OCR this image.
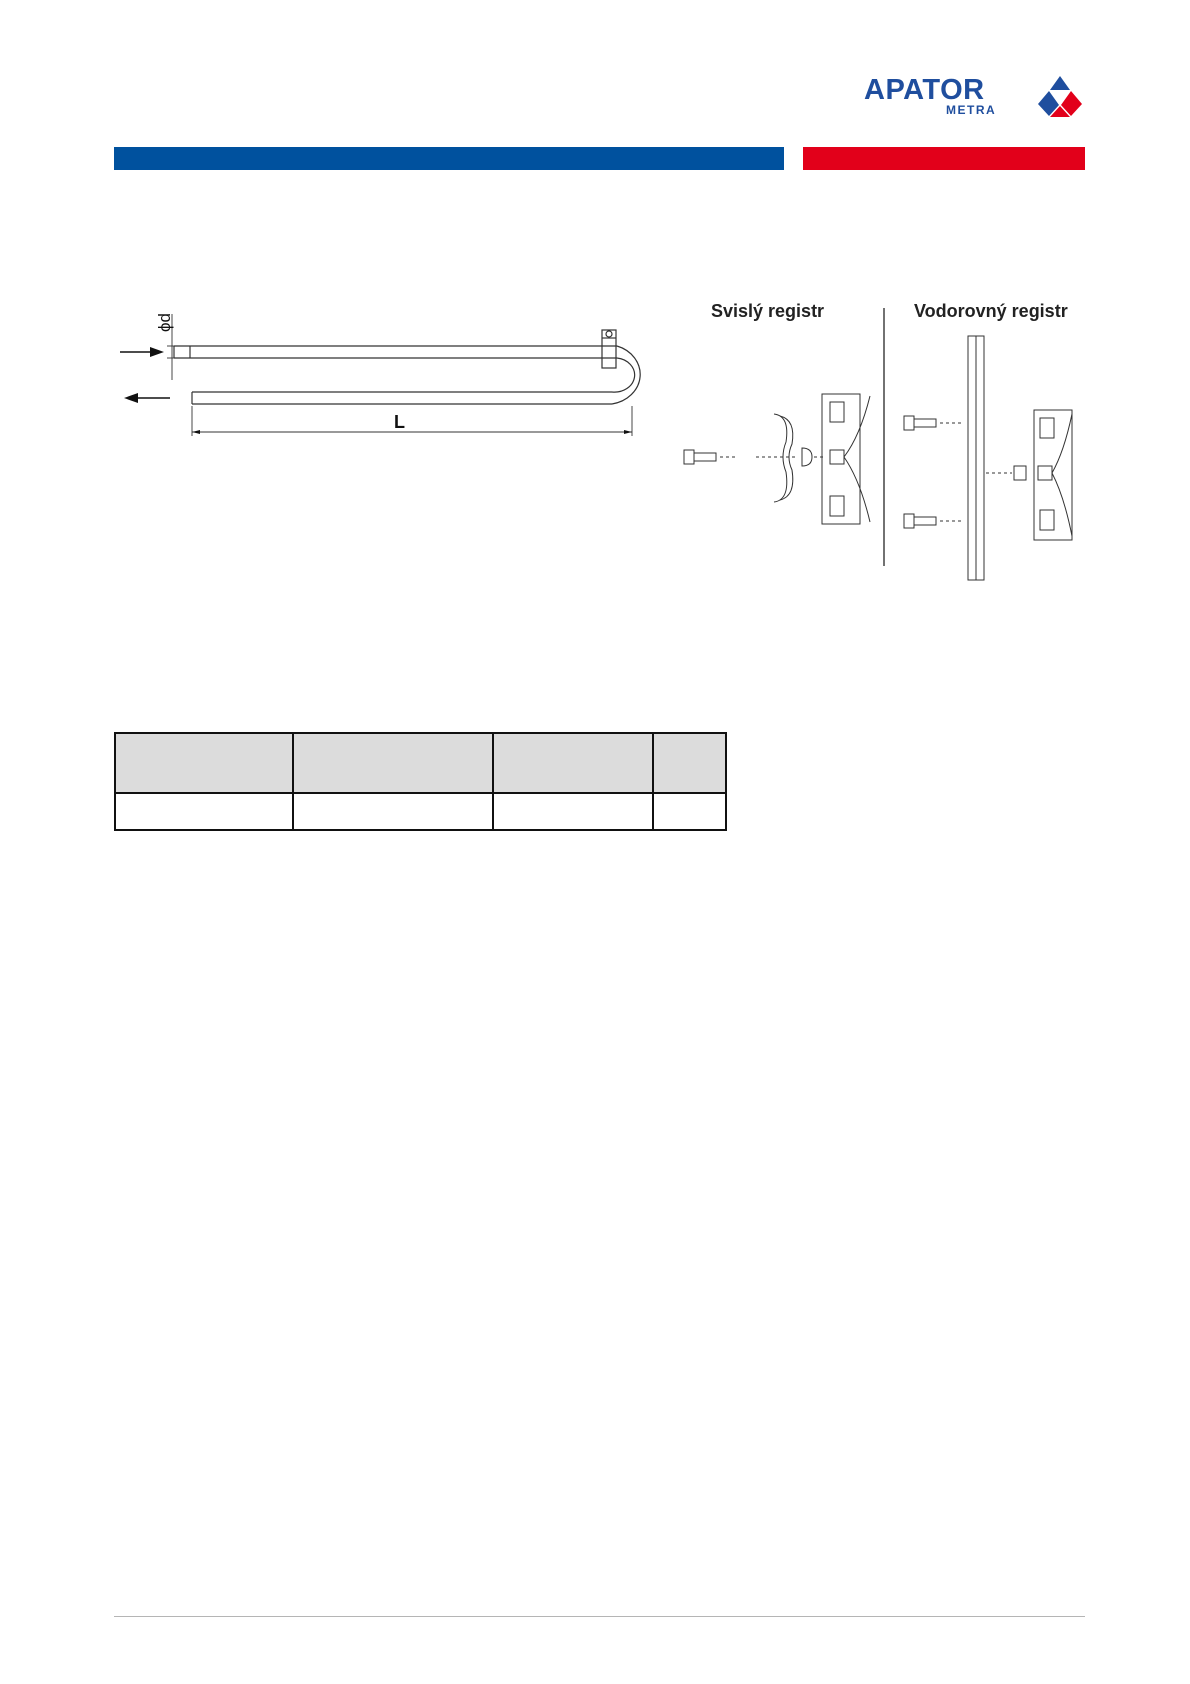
APATOR
METRA
ϕd
L
Svislý registr	Vodorovný registr
